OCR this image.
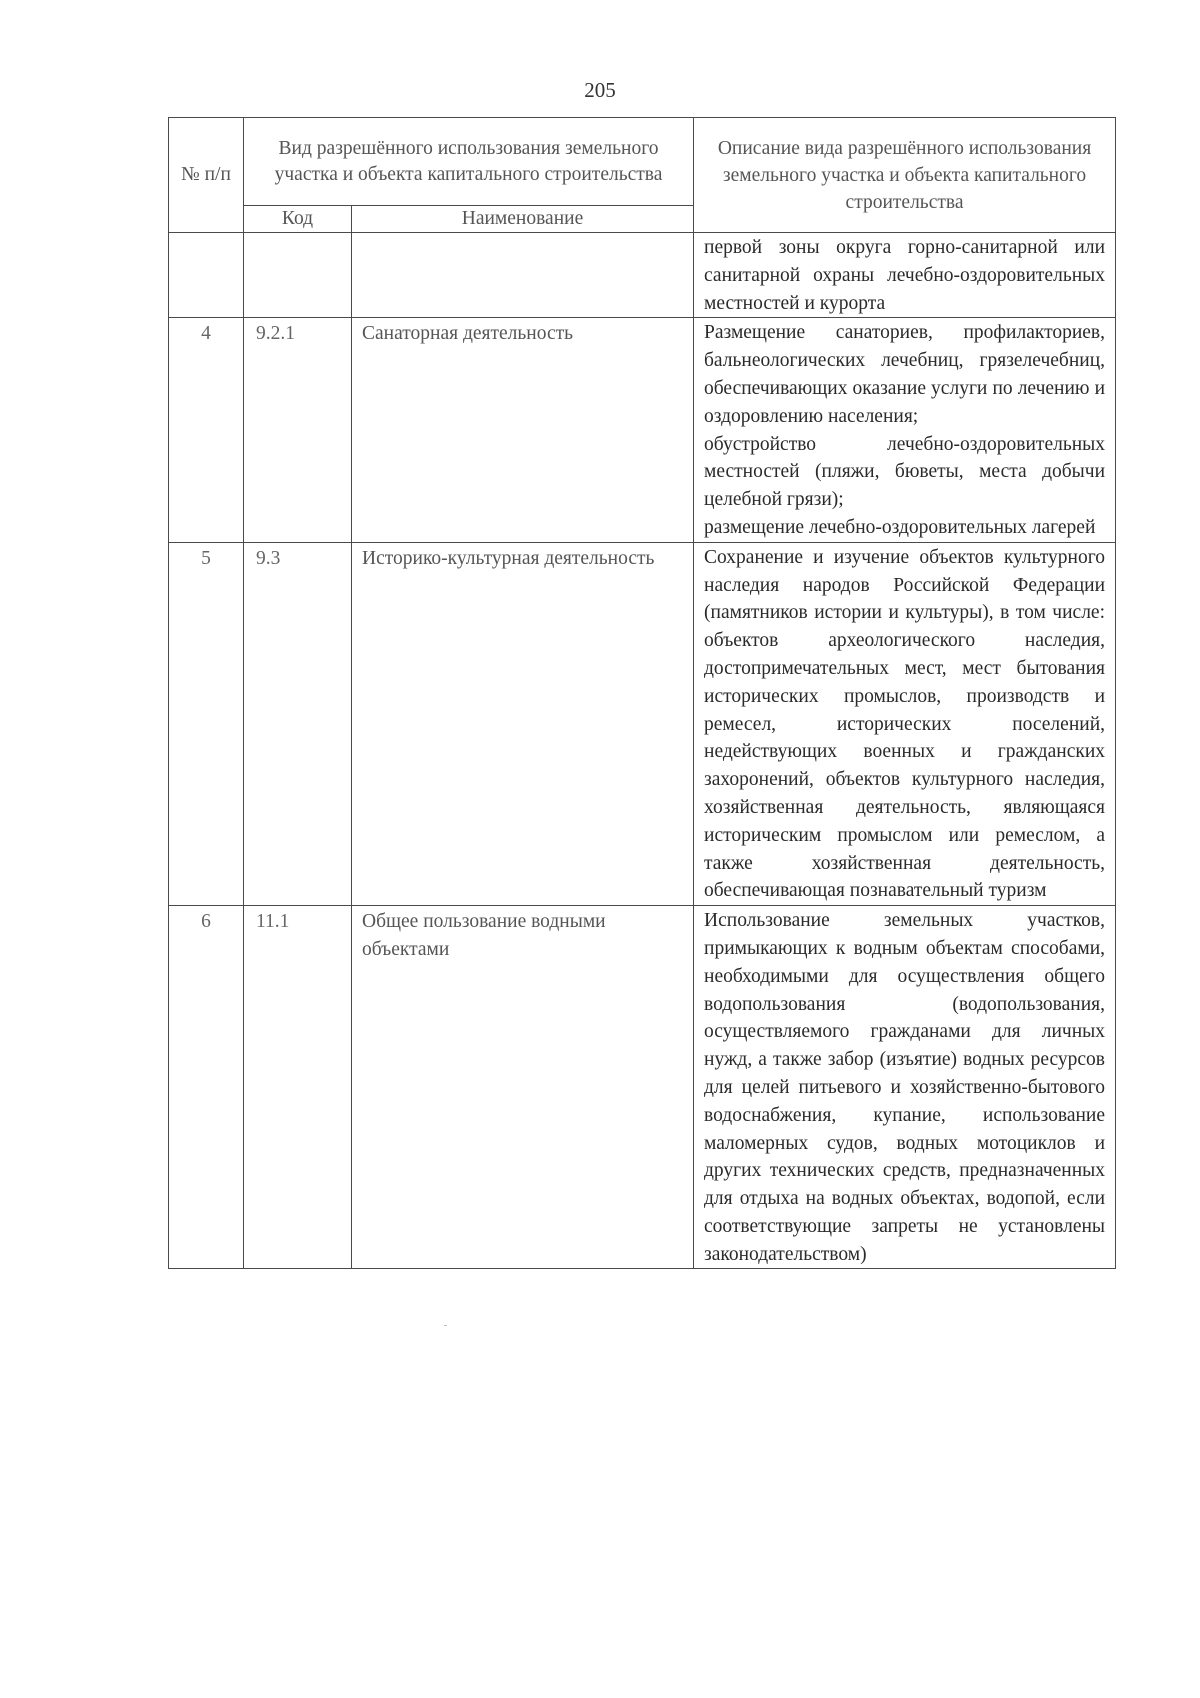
205
№ п/п	Вид разрешённого использования земельного участка и объекта капитального строительства		Описание вида разрешённого использования земельного участка и объекта капитального строительства
	Код	Наименование	

			первой зоны округа горно-санитарной или санитарной охраны лечебно-оздоровительных местностей и курорта

4	9.2.1	Санаторная деятельность	Размещение санаториев, профилакториев, бальнеологических лечебниц, грязелечебниц, обеспечивающих оказание услуги по лечению и оздоровлению населения;
обустройство лечебно-оздоровительных местностей (пляжи, бюветы, места добычи целебной грязи);
размещение лечебно-оздоровительных лагерей

5	9.3	Историко-культурная деятельность	Сохранение и изучение объектов культурного наследия народов Российской Федерации (памятников истории и культуры), в том числе: объектов археологического наследия, достопримечательных мест, мест бытования исторических промыслов, производств и ремесел, исторических поселений, недействующих военных и гражданских захоронений, объектов культурного наследия, хозяйственная деятельность, являющаяся историческим промыслом или ремеслом, а также хозяйственная деятельность, обеспечивающая познавательный туризм

6	11.1	Общее пользование водными объектами	Использование земельных участков, примыкающих к водным объектам способами, необходимыми для осуществления общего водопользования (водопользования, осуществляемого гражданами для личных нужд, а также забор (изъятие) водных ресурсов для целей питьевого и хозяйственно-бытового водоснабжения, купание, использование маломерных судов, водных мотоциклов и других технических средств, предназначенных для отдыха на водных объектах, водопой, если соответствующие запреты не установлены законодательством)
